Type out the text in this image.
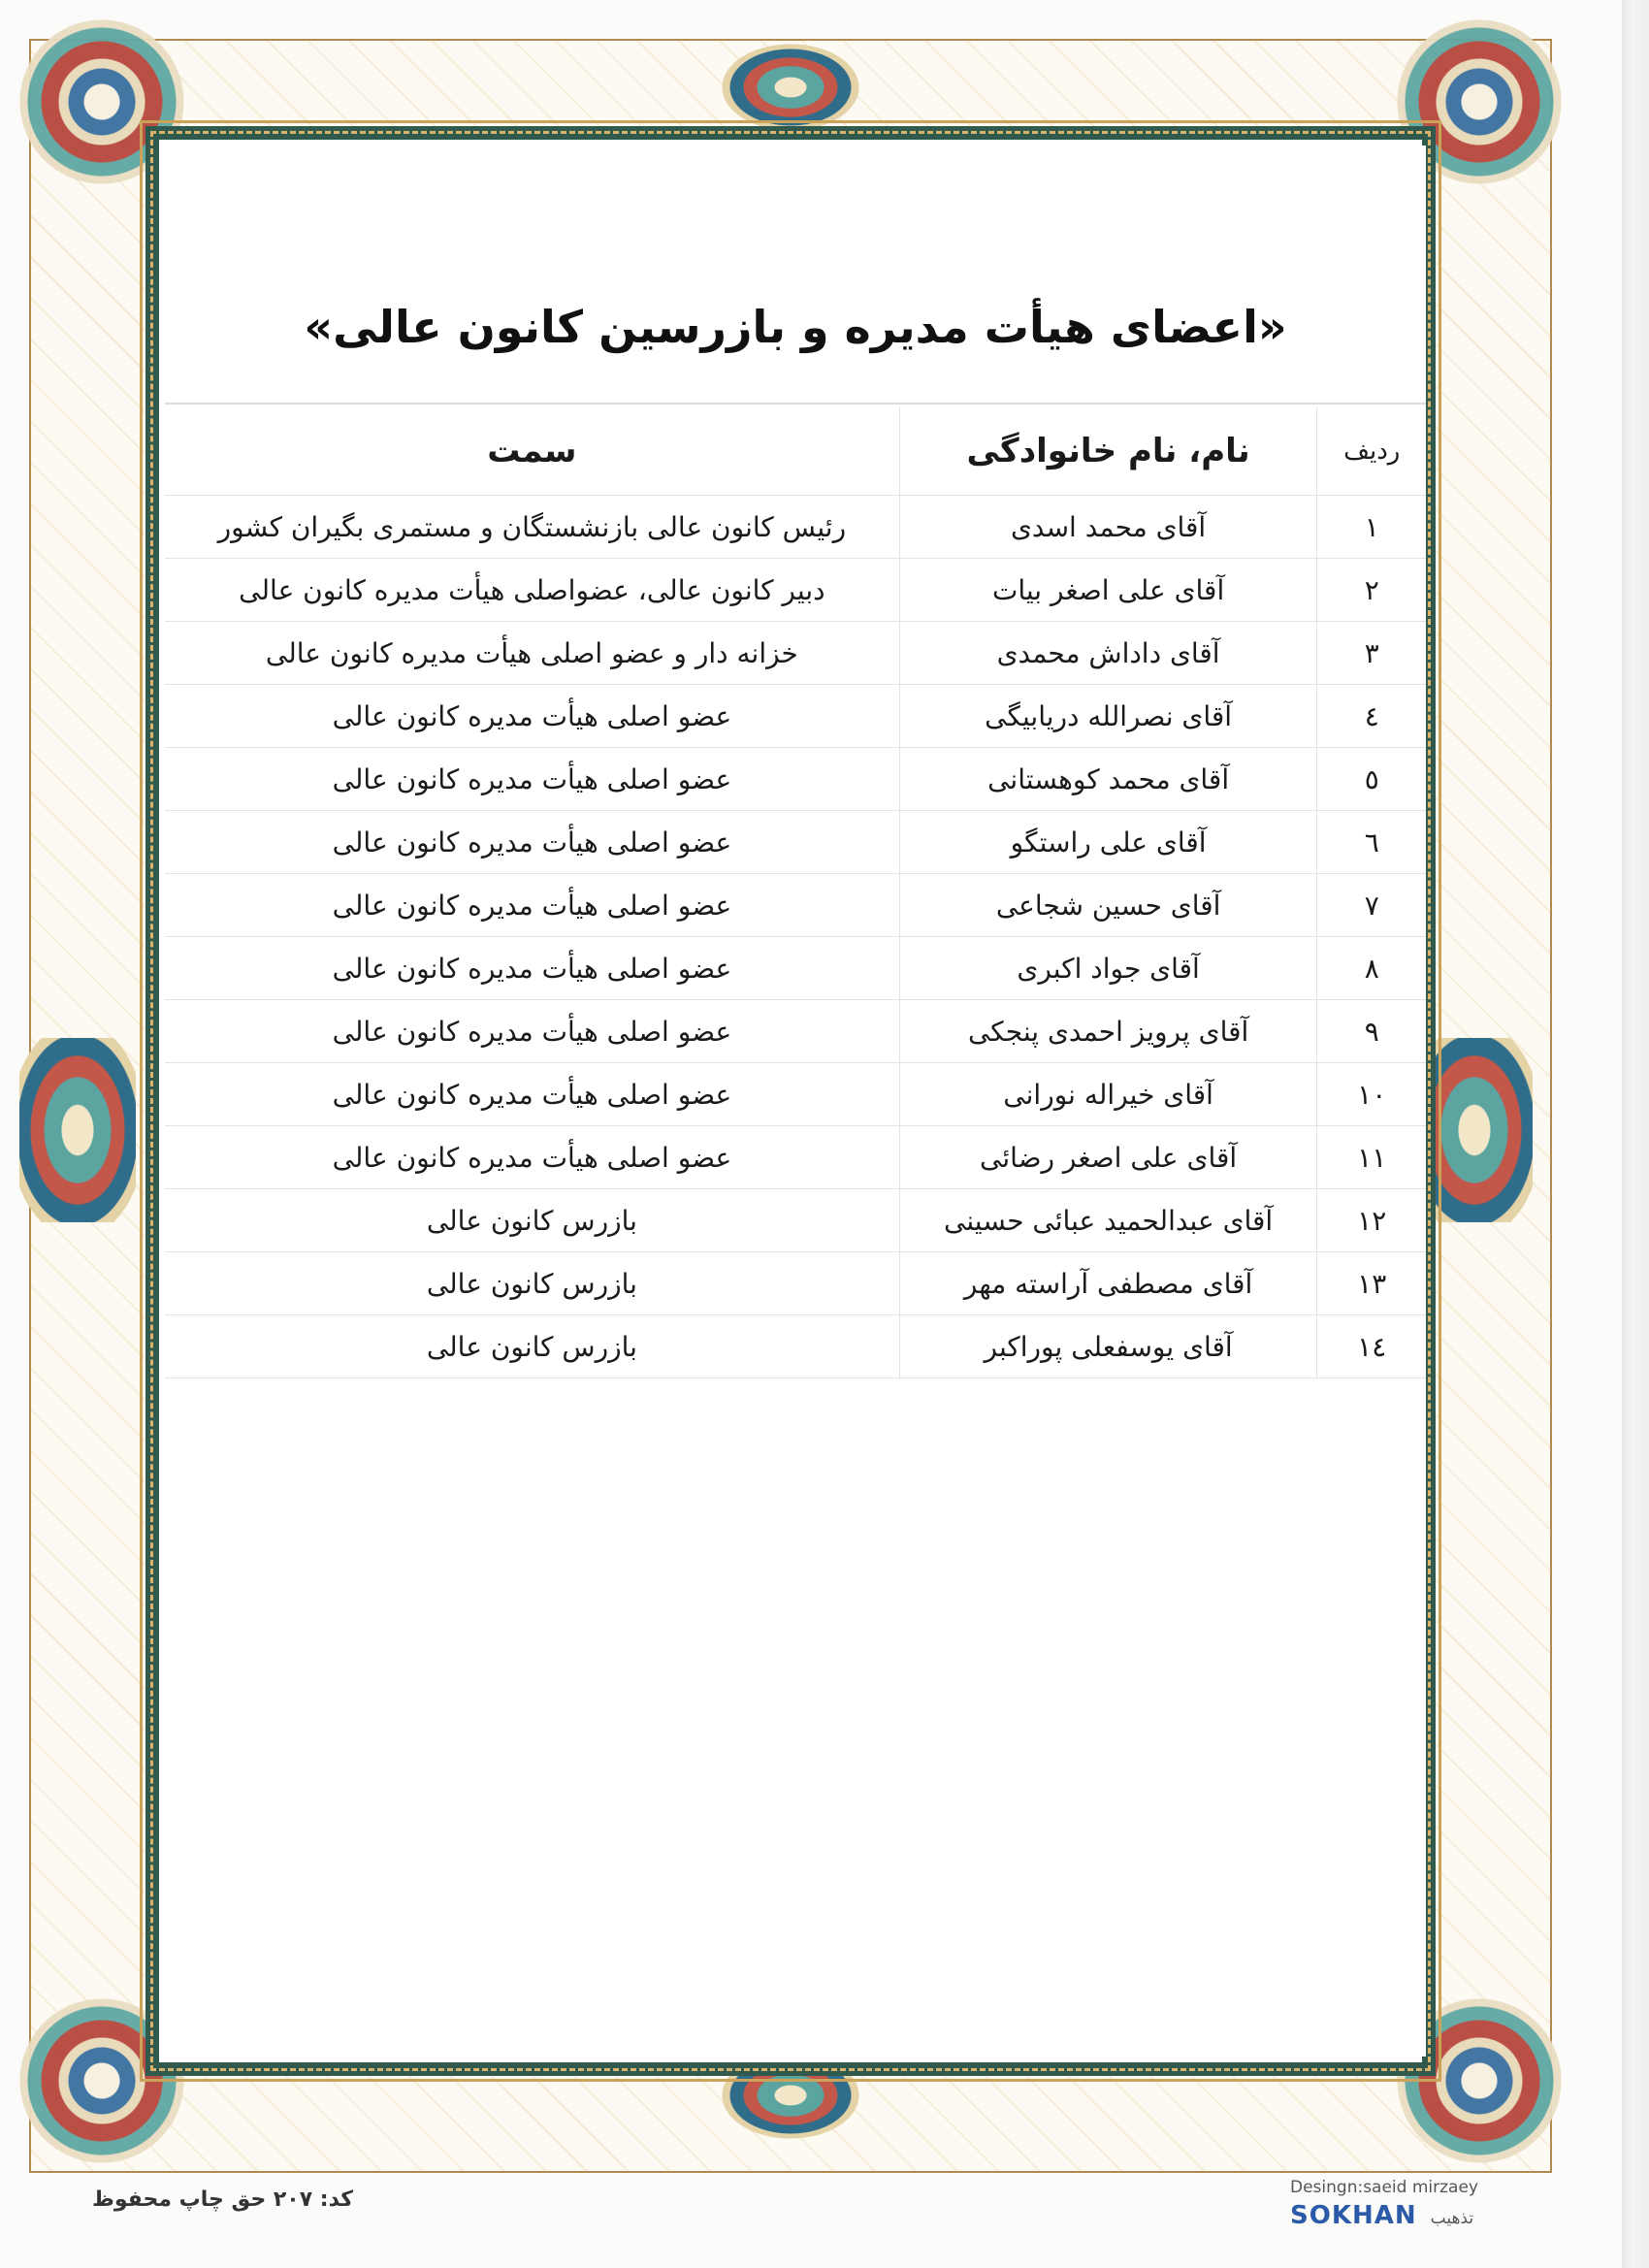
«اعضای هیأت مدیره و بازرسین کانون عالی»
ردیف	نام، نام خانوادگی	سمت
۱	آقای محمد اسدی	رئیس کانون عالی بازنشستگان و مستمری بگیران کشور
۲	آقای علی اصغر بیات	دبیر کانون عالی، عضواصلی هیأت مدیره کانون عالی
۳	آقای داداش محمدی	خزانه دار و عضو اصلی هیأت مدیره کانون عالی
٤	آقای نصرالله دریابیگی	عضو اصلی هیأت مدیره کانون عالی
٥	آقای محمد کوهستانی	عضو اصلی هیأت مدیره کانون عالی
٦	آقای علی راستگو	عضو اصلی هیأت مدیره کانون عالی
۷	آقای حسین شجاعی	عضو اصلی هیأت مدیره کانون عالی
۸	آقای جواد اکبری	عضو اصلی هیأت مدیره کانون عالی
۹	آقای پرویز احمدی پنجکی	عضو اصلی هیأت مدیره کانون عالی
۱۰	آقای خیراله نورانی	عضو اصلی هیأت مدیره کانون عالی
۱۱	آقای علی اصغر رضائی	عضو اصلی هیأت مدیره کانون عالی
۱۲	آقای عبدالحمید عبائی حسینی	بازرس کانون عالی
۱۳	آقای مصطفی آراسته مهر	بازرس کانون عالی
۱٤	آقای یوسفعلی پوراکبر	بازرس کانون عالی
کد: ۲۰۷ حق چاپ محفوظ	Desingn:saeid mirzaey
SOKHAN تذهیب
